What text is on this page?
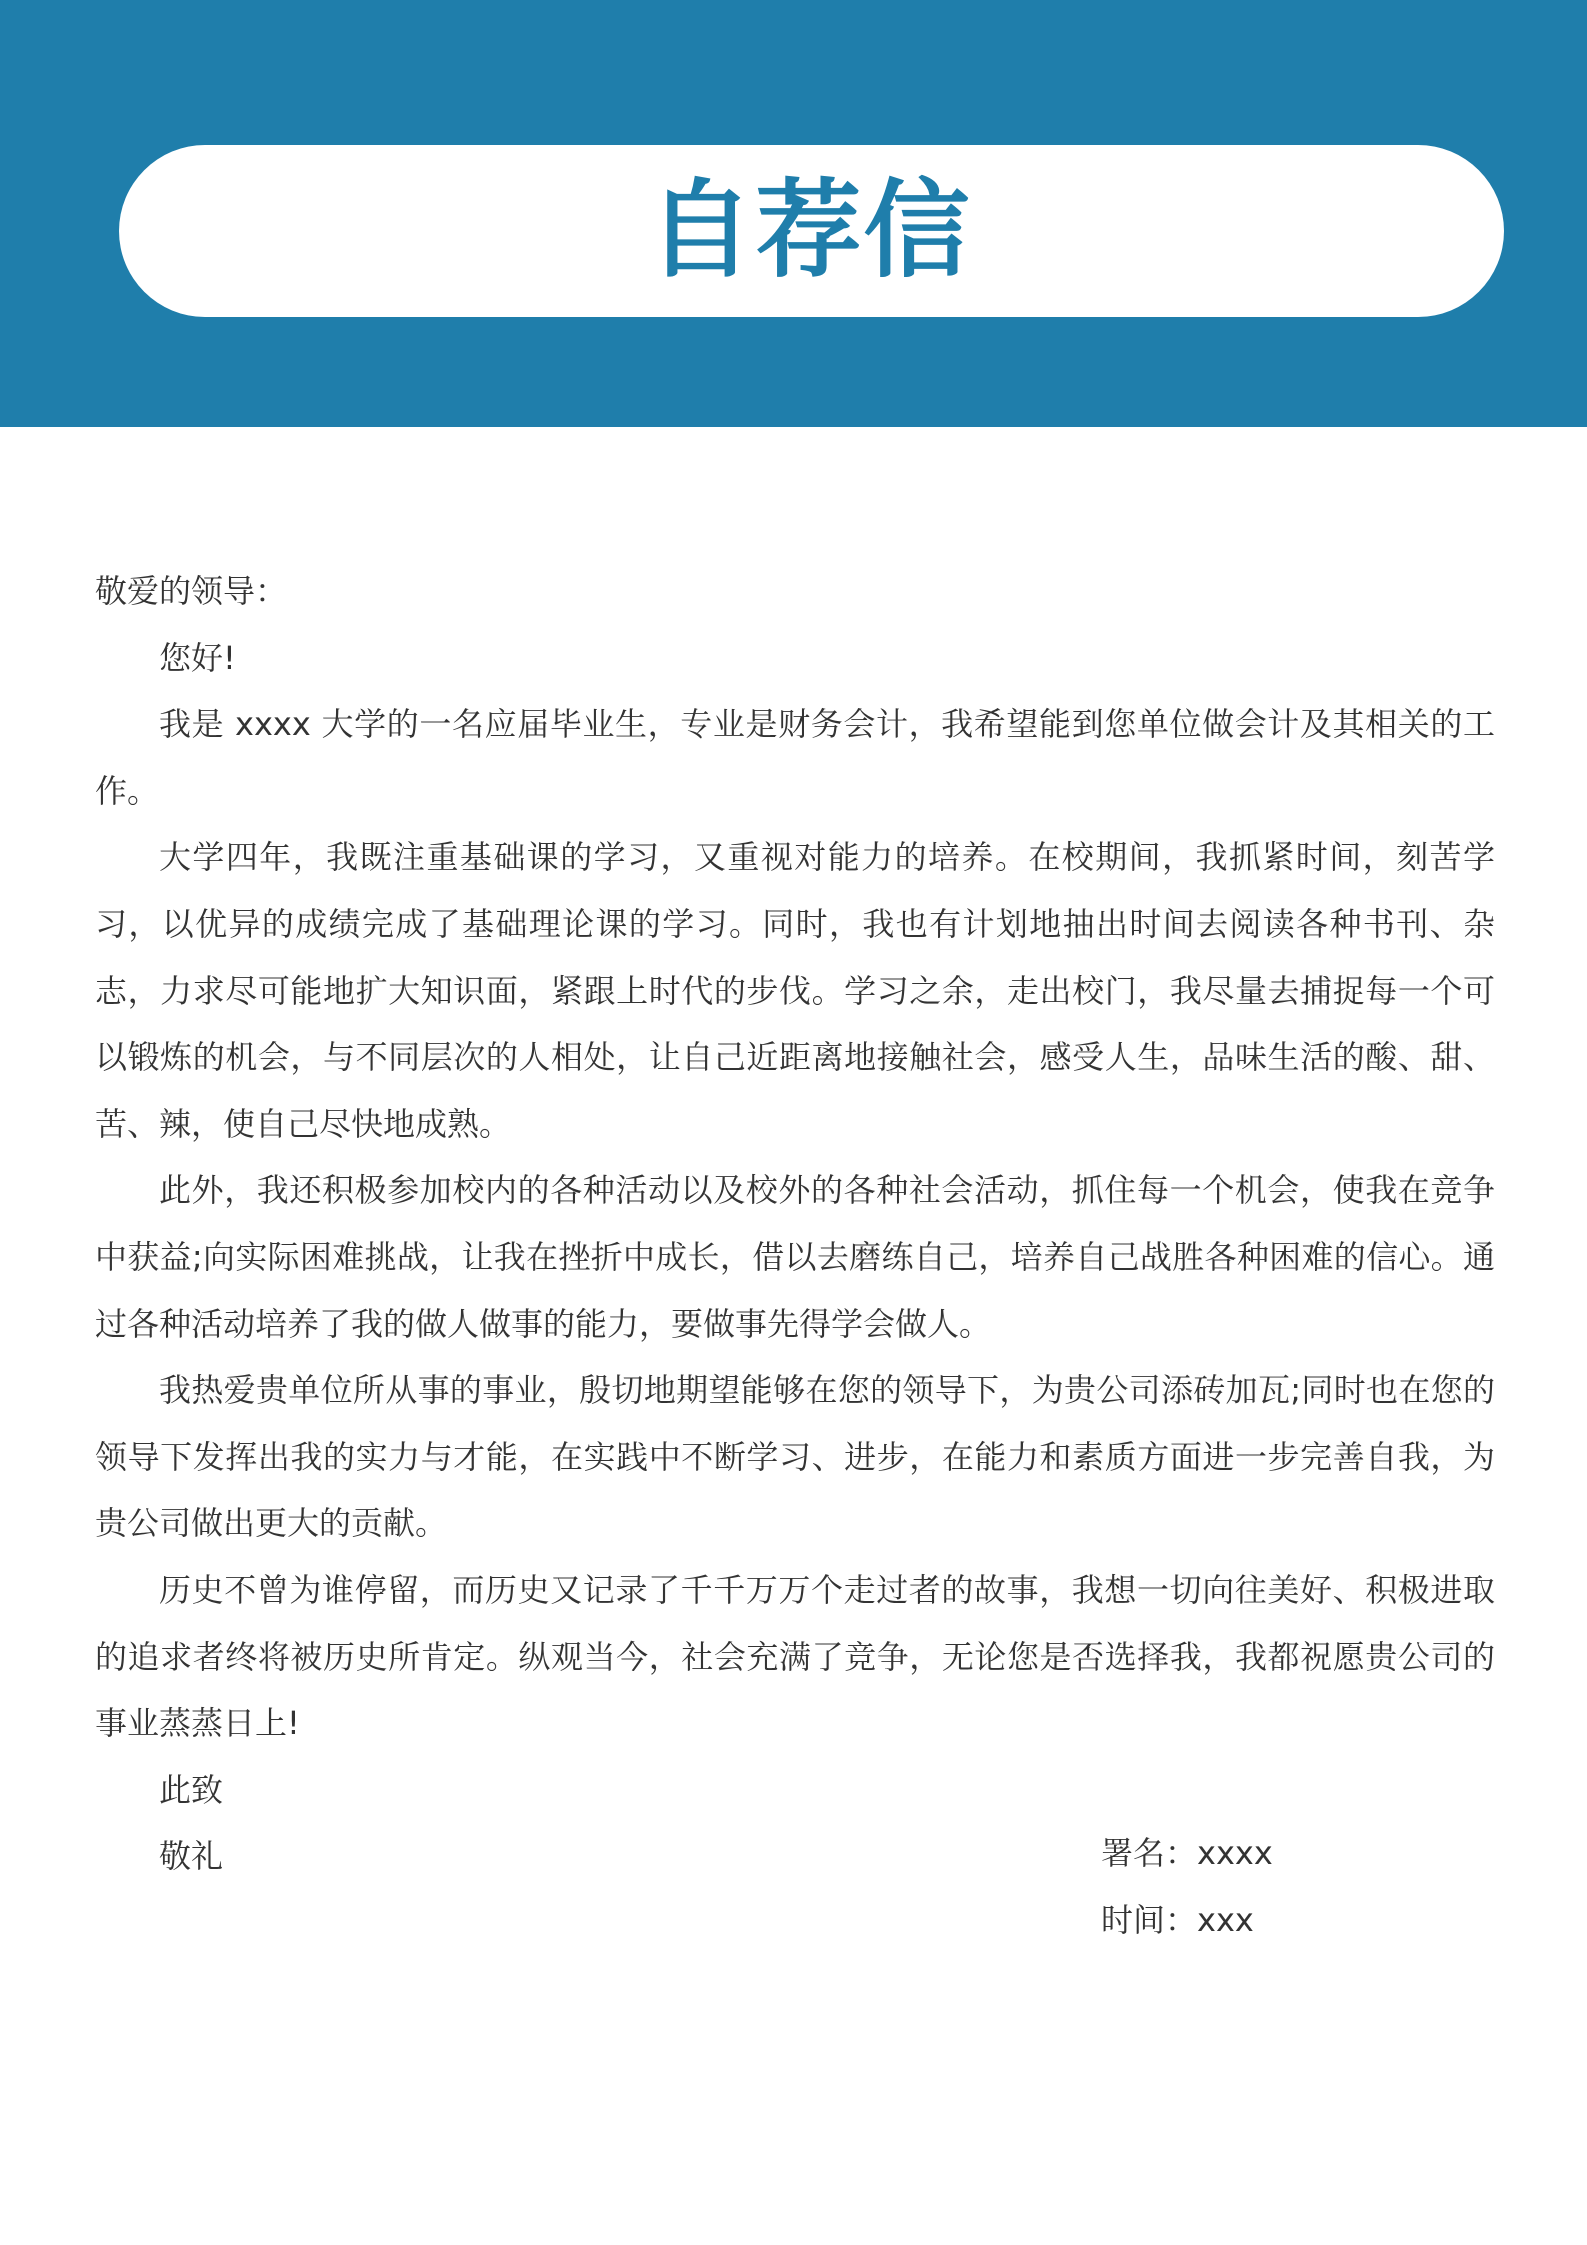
自荐信

敬爱的领导：

您好!

我是 xxxx 大学的一名应届毕业生，专业是财务会计，我希望能到您单位做会计及其相关的工作。

大学四年，我既注重基础课的学习，又重视对能力的培养。在校期间，我抓紧时间，刻苦学习，以优异的成绩完成了基础理论课的学习。同时，我也有计划地抽出时间去阅读各种书刊、杂志，力求尽可能地扩大知识面，紧跟上时代的步伐。学习之余，走出校门，我尽量去捕捉每一个可以锻炼的机会，与不同层次的人相处，让自己近距离地接触社会，感受人生，品味生活的酸、甜、苦、辣，使自己尽快地成熟。

此外，我还积极参加校内的各种活动以及校外的各种社会活动，抓住每一个机会，使我在竞争中获益;向实际困难挑战，让我在挫折中成长，借以去磨练自己，培养自己战胜各种困难的信心。通过各种活动培养了我的做人做事的能力，要做事先得学会做人。

我热爱贵单位所从事的事业，殷切地期望能够在您的领导下，为贵公司添砖加瓦;同时也在您的领导下发挥出我的实力与才能，在实践中不断学习、进步，在能力和素质方面进一步完善自我，为贵公司做出更大的贡献。

历史不曾为谁停留，而历史又记录了千千万万个走过者的故事，我想一切向往美好、积极进取的追求者终将被历史所肯定。纵观当今，社会充满了竞争，无论您是否选择我，我都祝愿贵公司的事业蒸蒸日上!

此致

敬礼	署名：xxxx
时间：xxx
